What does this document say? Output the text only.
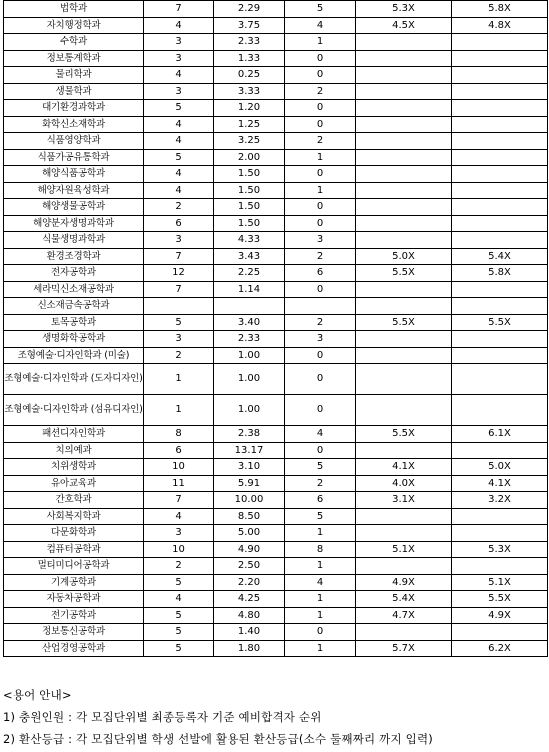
법학과	7	2.29	5	5.3X	5.8X
자치행정학과	4	3.75	4	4.5X	4.8X
수학과	3	2.33	1		
정보통계학과	3	1.33	0		
물리학과	4	0.25	0		
생물학과	3	3.33	2		
대기환경과학과	5	1.20	0		
화학신소재학과	4	1.25	0		
식품영양학과	4	3.25	2		
식품가공유통학과	5	2.00	1		
해양식품공학과	4	1.50	0		
해양자원육성학과	4	1.50	1		
해양생물공학과	2	1.50	0		
해양분자생명과학과	6	1.50	0		
식물생명과학과	3	4.33	3		
환경조경학과	7	3.43	2	5.0X	5.4X
전자공학과	12	2.25	6	5.5X	5.8X
세라믹신소재공학과	7	1.14	0		
신소재금속공학과					
토목공학과	5	3.40	2	5.5X	5.5X
생명화학공학과	3	2.33	3		
조형예술·디자인학과 (미술)	2	1.00	0		
조형예술·디자인학과 (도자디자인)	1	1.00	0		
조형예술·디자인학과 (섬유디자인)	1	1.00	0		
패션디자인학과	8	2.38	4	5.5X	6.1X
치의예과	6	13.17	0		
치위생학과	10	3.10	5	4.1X	5.0X
유아교육과	11	5.91	2	4.0X	4.1X
간호학과	7	10.00	6	3.1X	3.2X
사회복지학과	4	8.50	5		
다문화학과	3	5.00	1		
컴퓨터공학과	10	4.90	8	5.1X	5.3X
멀티미디어공학과	2	2.50	1		
기계공학과	5	2.20	4	4.9X	5.1X
자동차공학과	4	4.25	1	5.4X	5.5X
전기공학과	5	4.80	1	4.7X	4.9X
정보통신공학과	5	1.40	0		
산업경영공학과	5	1.80	1	5.7X	6.2X
<용어 안내>
1) 충원인원 : 각 모집단위별 최종등록자 기준 예비합격자 순위
2) 환산등급 : 각 모집단위별 학생 선발에 활용된 환산등급(소수 둘째짜리 까지 입력)
